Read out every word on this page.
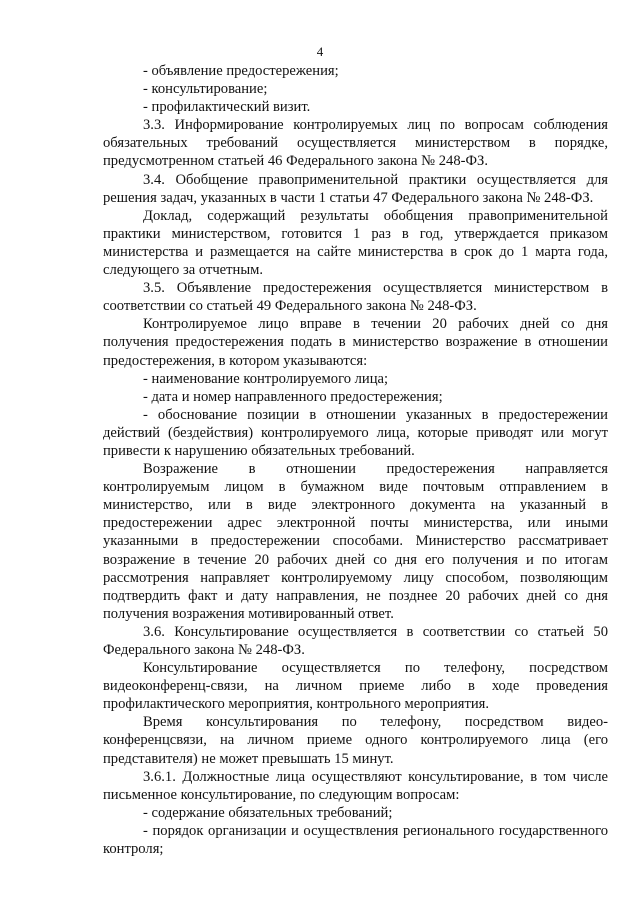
4

- объявление предостережения;

- консультирование;

- профилактический визит.

3.3. Информирование контролируемых лиц по вопросам соблюдения обязательных требований осуществляется министерством в порядке, предусмотренном статьей 46 Федерального закона № 248-ФЗ.

3.4. Обобщение правоприменительной практики осуществляется для решения задач, указанных в части 1 статьи 47 Федерального закона № 248-ФЗ.

Доклад, содержащий результаты обобщения правоприменительной практики министерством, готовится 1 раз в год, утверждается приказом министерства и размещается на сайте министерства в срок до 1 марта года, следующего за отчетным.

3.5. Объявление предостережения осуществляется министерством в соответствии со статьей 49 Федерального закона № 248-ФЗ.

Контролируемое лицо вправе в течении 20 рабочих дней со дня получения предостережения подать в министерство возражение в отношении предостережения, в котором указываются:

- наименование контролируемого лица;

- дата и номер направленного предостережения;

- обоснование позиции в отношении указанных в предостережении действий (бездействия) контролируемого лица, которые приводят или могут привести к нарушению обязательных требований.

Возражение в отношении предостережения направляется контролируемым лицом в бумажном виде почтовым отправлением в министерство, или в виде электронного документа на указанный в предостережении адрес электронной почты министерства, или иными указанными в предостережении способами. Министерство рассматривает возражение в течение 20 рабочих дней со дня его получения и по итогам рассмотрения направляет контролируемому лицу способом, позволяющим подтвердить факт и дату направления, не позднее 20 рабочих дней со дня получения возражения мотивированный ответ.

3.6. Консультирование осуществляется в соответствии со статьей 50 Федерального закона № 248-ФЗ.

Консультирование осуществляется по телефону, посредством видеоконференц-связи, на личном приеме либо в ходе проведения профилактического мероприятия, контрольного мероприятия.

Время консультирования по телефону, посредством видео-конференцсвязи, на личном приеме одного контролируемого лица (его представителя) не может превышать 15 минут.

3.6.1. Должностные лица осуществляют консультирование, в том числе письменное консультирование, по следующим вопросам:

- содержание обязательных требований;

- порядок организации и осуществления регионального государственного контроля;
